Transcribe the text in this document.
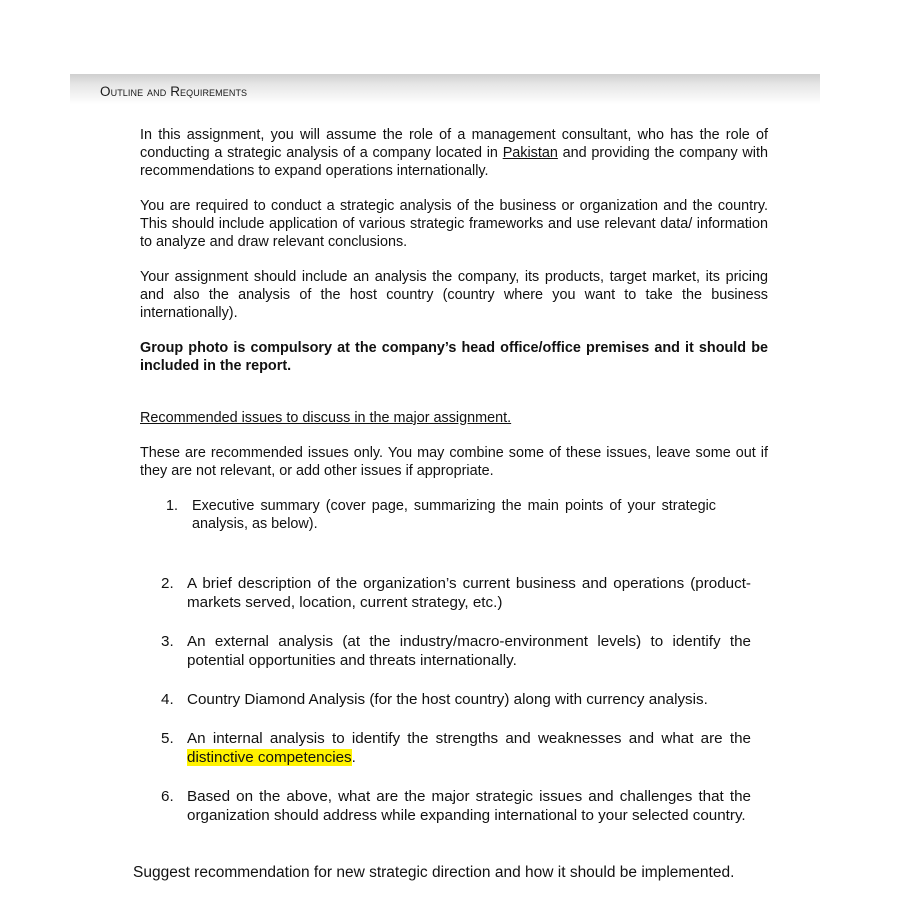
Outline and Requirements

In this assignment, you will assume the role of a management consultant, who has the role of conducting a strategic analysis of a company located in Pakistan and providing the company with recommendations to expand operations internationally.

You are required to conduct a strategic analysis of the business or organization and the country. This should include application of various strategic frameworks and use relevant data/ information to analyze and draw relevant conclusions.

Your assignment should include an analysis the company, its products, target market, its pricing and also the analysis of the host country (country where you want to take the business internationally).

Group photo is compulsory at the company’s head office/office premises and it should be included in the report.

Recommended issues to discuss in the major assignment.

These are recommended issues only. You may combine some of these issues, leave some out if they are not relevant, or add other issues if appropriate.

1. Executive summary (cover page, summarizing the main points of your strategic analysis, as below).
2. A brief description of the organization’s current business and operations (product-markets served, location, current strategy, etc.)
3. An external analysis (at the industry/macro-environment levels) to identify the potential opportunities and threats internationally.
4. Country Diamond Analysis (for the host country) along with currency analysis.
5. An internal analysis to identify the strengths and weaknesses and what are the distinctive competencies.
6. Based on the above, what are the major strategic issues and challenges that the organization should address while expanding international to your selected country.
Suggest recommendation for new strategic direction and how it should be implemented.
